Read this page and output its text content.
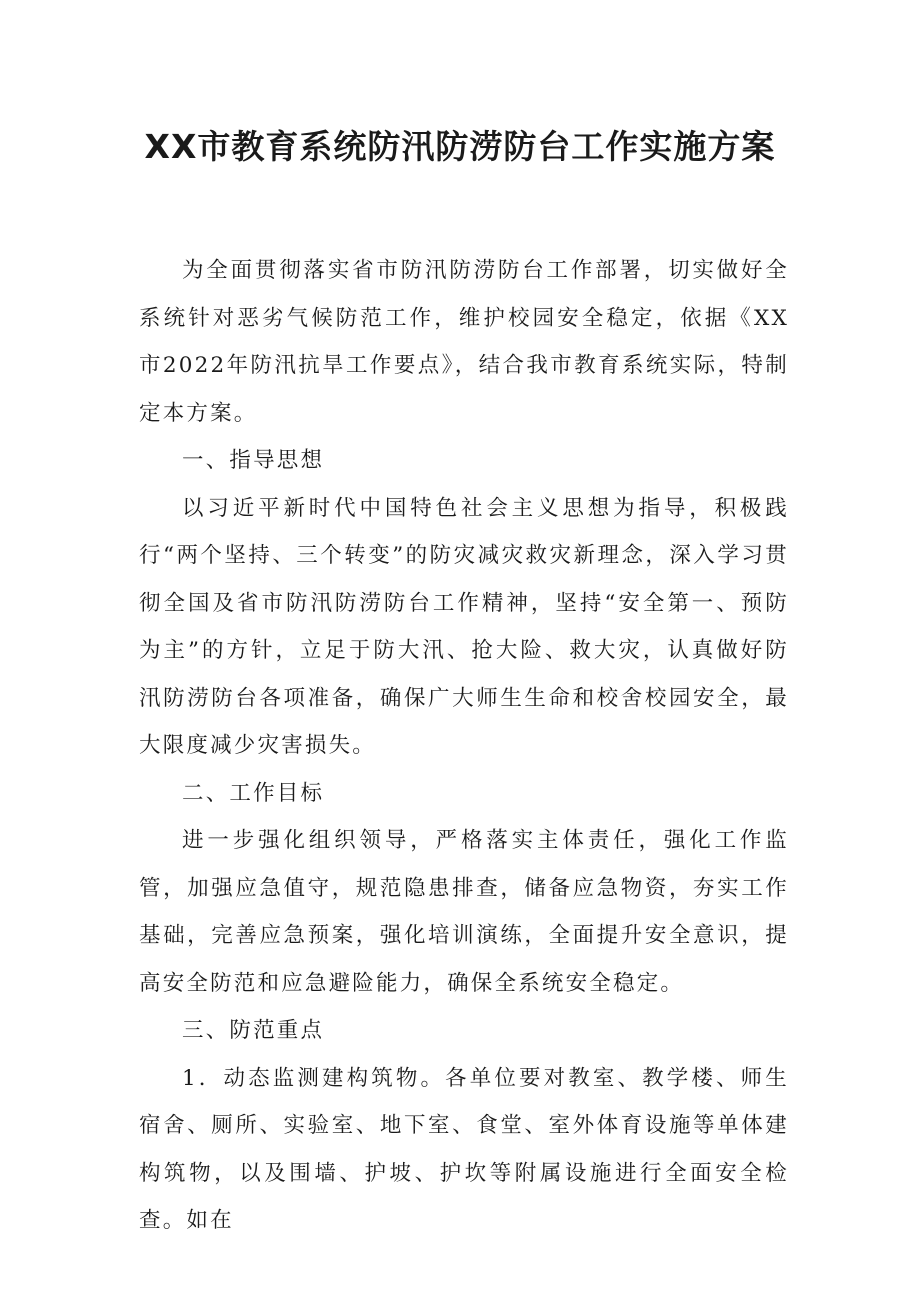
XX市教育系统防汛防涝防台工作实施方案

为全面贯彻落实省市防汛防涝防台工作部署，切实做好全系统针对恶劣气候防范工作，维护校园安全稳定，依据《XX市2022年防汛抗旱工作要点》，结合我市教育系统实际，特制定本方案。

一、指导思想

以习近平新时代中国特色社会主义思想为指导，积极践行“两个坚持、三个转变”的防灾减灾救灾新理念，深入学习贯彻全国及省市防汛防涝防台工作精神，坚持“安全第一、预防为主”的方针，立足于防大汛、抢大险、救大灾，认真做好防汛防涝防台各项准备，确保广大师生生命和校舍校园安全，最大限度减少灾害损失。

二、工作目标

进一步强化组织领导，严格落实主体责任，强化工作监管，加强应急值守，规范隐患排查，储备应急物资，夯实工作基础，完善应急预案，强化培训演练，全面提升安全意识，提高安全防范和应急避险能力，确保全系统安全稳定。

三、防范重点

1．动态监测建构筑物。各单位要对教室、教学楼、师生宿舍、厕所、实验室、地下室、食堂、室外体育设施等单体建构筑物，以及围墙、护坡、护坎等附属设施进行全面安全检查。如在
